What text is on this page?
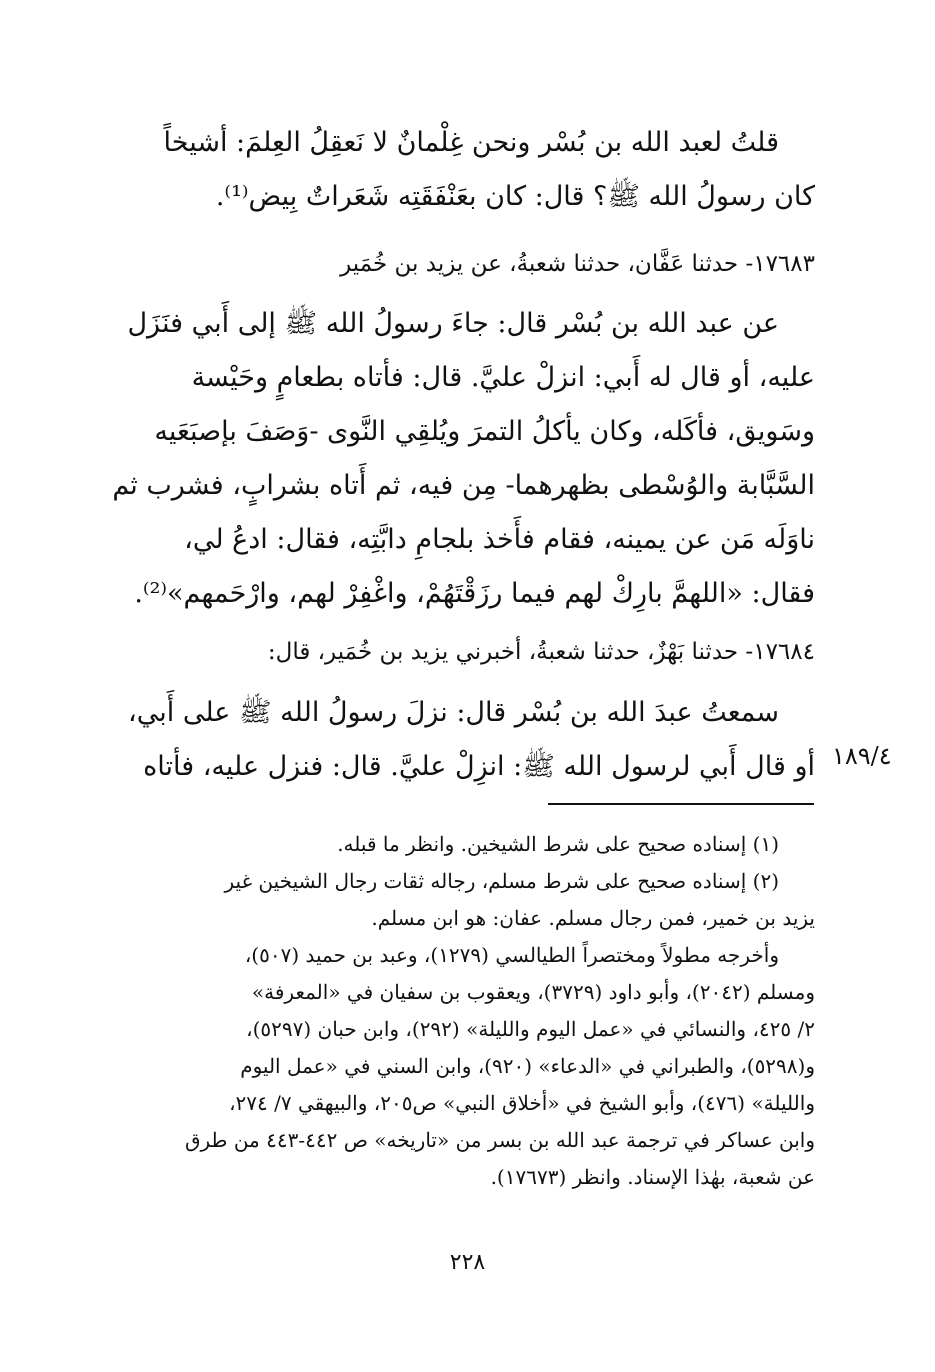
قلتُ لعبد الله بن بُسْر ونحن غِلْمانٌ لا نَعقِلُ العِلمَ: أشيخاً
كان رسولُ الله ﷺ؟ قال: كان بعَنْفَقَتِه شَعَراتٌ بِيض⁽¹⁾.
١٧٦٨٣- حدثنا عَفَّان، حدثنا شعبةُ، عن يزيد بن خُمَير
عن عبد الله بن بُسْر قال: جاءَ رسولُ الله ﷺ إلى أَبي فنَزَل
عليه، أو قال له أَبي: انزلْ عليَّ. قال: فأتاه بطعامٍ وحَيْسة
وسَويق، فأكَله، وكان يأكلُ التمرَ ويُلقِي النَّوى -وَصَفَ بإصبَعَيه
السَّبَّابة والوُسْطى بظهرهما- مِن فيه، ثم أَتاه بشرابٍ، فشرب ثم
ناوَلَه مَن عن يمينه، فقام فأَخذ بلجامِ دابَّتِه، فقال: ادعُ لي،
فقال: «اللهمَّ بارِكْ لهم فيما رزَقْتَهُمْ، واغْفِرْ لهم، وارْحَمهم»⁽²⁾.
١٧٦٨٤- حدثنا بَهْزٌ، حدثنا شعبةُ، أخبرني يزيد بن خُمَير، قال:
سمعتُ عبدَ الله بن بُسْر قال: نزلَ رسولُ الله ﷺ على أَبي،
أو قال أَبي لرسول الله ﷺ: انزِلْ عليَّ. قال: فنزل عليه، فأتاه ١٨٩/٤
(١) إسناده صحيح على شرط الشيخين. وانظر ما قبله.
(٢) إسناده صحيح على شرط مسلم، رجاله ثقات رجال الشيخين غير
يزيد بن خمير، فمن رجال مسلم. عفان: هو ابن مسلم.
وأخرجه مطولاً ومختصراً الطيالسي (١٢٧٩)، وعبد بن حميد (٥٠٧)،
ومسلم (٢٠٤٢)، وأبو داود (٣٧٢٩)، ويعقوب بن سفيان في «المعرفة»
٢/ ٤٢٥، والنسائي في «عمل اليوم والليلة» (٢٩٢)، وابن حبان (٥٢٩٧)،
و(٥٢٩٨)، والطبراني في «الدعاء» (٩٢٠)، وابن السني في «عمل اليوم
والليلة» (٤٧٦)، وأبو الشيخ في «أخلاق النبي» ص٢٠٥، والبيهقي ٧/ ٢٧٤،
وابن عساكر في ترجمة عبد الله بن بسر من «تاريخه» ص ٤٤٢-٤٤٣ من طرق
عن شعبة، بهٰذا الإسناد. وانظر (١٧٦٧٣).
٢٢٨
